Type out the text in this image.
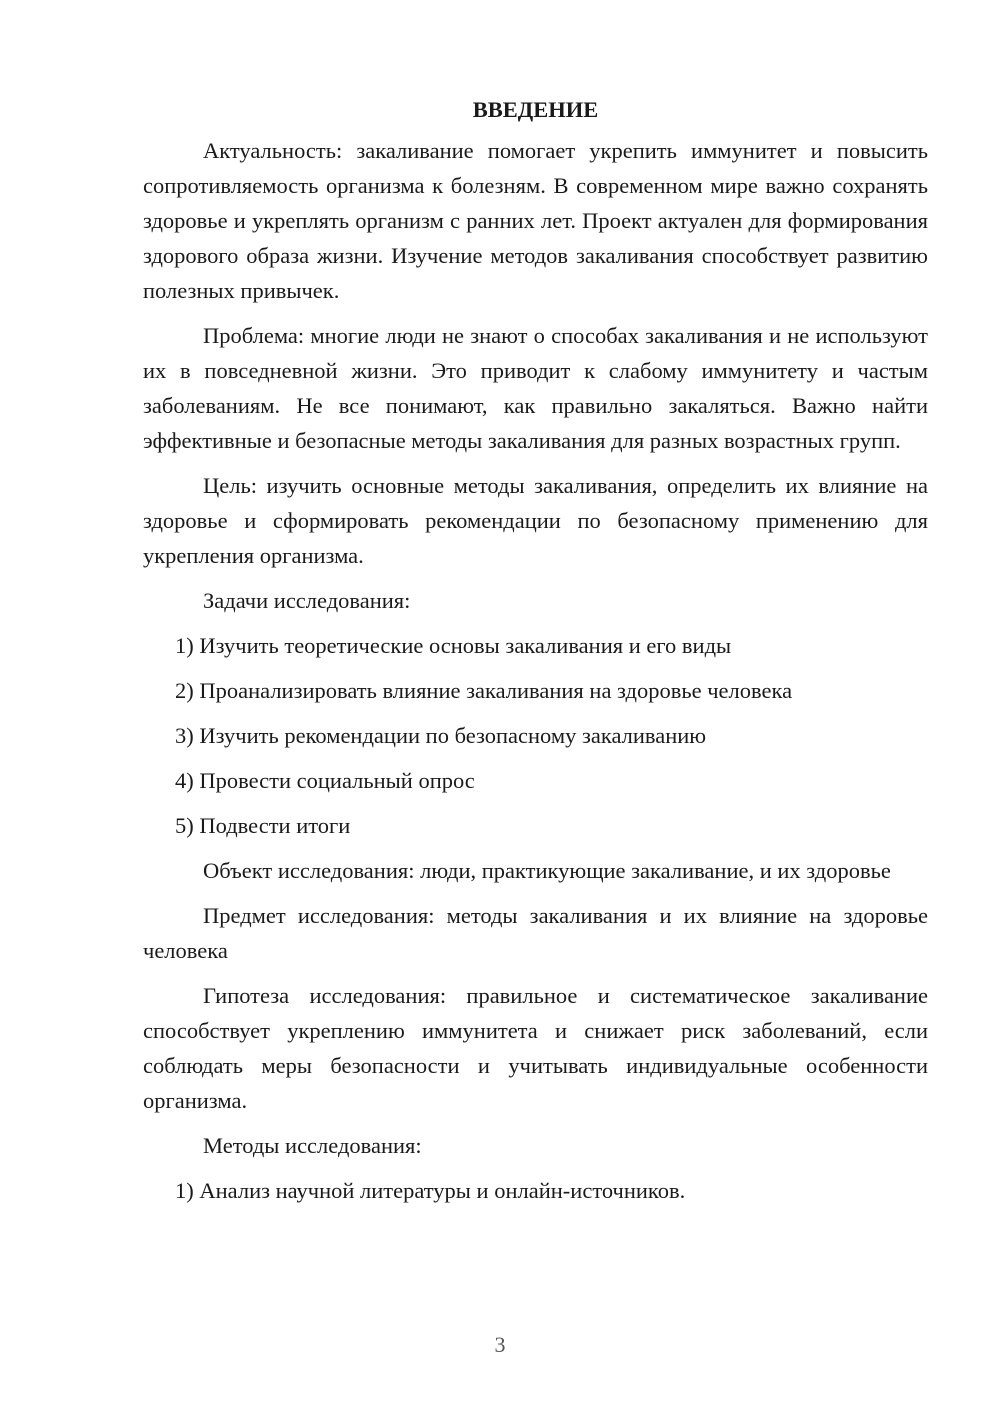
ВВЕДЕНИЕ

Актуальность: закаливание помогает укрепить иммунитет и повысить сопротивляемость организма к болезням. В современном мире важно сохранять здоровье и укреплять организм с ранних лет. Проект актуален для формирования здорового образа жизни. Изучение методов закаливания способствует развитию полезных привычек.

Проблема: многие люди не знают о способах закаливания и не используют их в повседневной жизни. Это приводит к слабому иммунитету и частым заболеваниям. Не все понимают, как правильно закаляться. Важно найти эффективные и безопасные методы закаливания для разных возрастных групп.

Цель: изучить основные методы закаливания, определить их влияние на здоровье и сформировать рекомендации по безопасному применению для укрепления организма.

Задачи исследования:

1) Изучить теоретические основы закаливания и его виды
2) Проанализировать влияние закаливания на здоровье человека
3) Изучить рекомендации по безопасному закаливанию
4) Провести социальный опрос
5) Подвести итоги

Объект исследования: люди, практикующие закаливание, и их здоровье

Предмет исследования: методы закаливания и их влияние на здоровье человека

Гипотеза исследования: правильное и систематическое закаливание способствует укреплению иммунитета и снижает риск заболеваний, если соблюдать меры безопасности и учитывать индивидуальные особенности организма.

Методы исследования:

1) Анализ научной литературы и онлайн-источников.
3
